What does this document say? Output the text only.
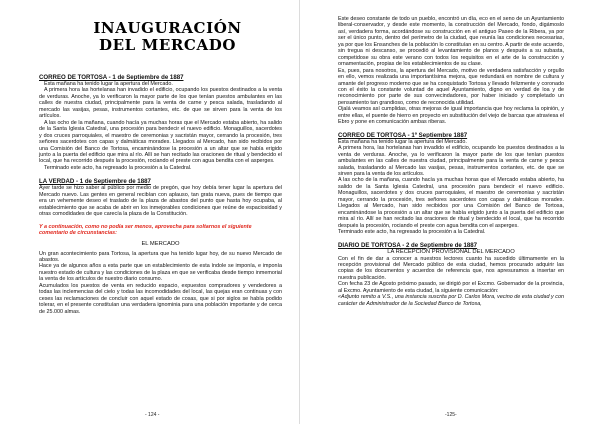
INAUGURACIÓN
DEL MERCADO

CORREO DE TORTOSA - 1 de Septiembre de 1887

Esta mañana ha tenido lugar la apertura del Mercado.

A primera hora las hortelanas han invadido el edificio, ocupando los puestos destinados a la venta de verduras. Anoche, ya lo verificaron la mayor parte de los que tenían puestos ambulantes en las calles de nuestra ciudad, principalmente para la venta de carne y pesca salada, trasladando al mercado las vasijas, pesas, instrumentos cortantes, etc. de que se sirven para la venta de los artículos.

A las ocho de la mañana, cuando hacía ya muchas horas que el Mercado estaba abierto, ha salido de la Santa Iglesia Catedral, una procesión para bendecir el nuevo edificio. Monaguillos, sacerdotes y dos cruces parroquiales, el maestro de ceremonias y sacristán mayor, cerrando la procesión, tres señores sacerdotes con capas y dalmáticas morades. Llegados al Mercado, han sido recibidos por una Comisión del Banco de Tortosa, encaminándose la procesión a un altar que se había erigido junto a la puerta del edificio que mira al río. Allí se han recitado las oraciones de ritual y bendecido el local, que ha recorrido después la procesión, rociando el preste con agua bendita con el asperges.

Terminado este acto, ha regresado la procesión a la Catedral.

LA VERDAD - 1 de Septiembre de 1887

Ayer tarde se hizo saber al público por medio de pregón, que hoy debía tener lugar la apertura del Mercado nuevo. Las gentes en general recibían con aplauso, tan grata nueva, pues de tiempo que era un vehemente deseo el traslado de la plaza de abastos del punto que hasta hoy ocupaba, al establecimiento que se acaba de abrir en los inmejorables condiciones que reúne de espaciosidad y otras comodidades de que carecía la plaza de la Constitución.

Y a continuación, como no podía ser menos, aprovecha para soltarnos el siguiente comentario de circunstancias:

EL MERCADO

Un gran acontecimiento para Tortosa, la apertura que ha tenido lugar hoy, de su nuevo Mercado de abastos.

Hace ya de algunos años a esta parte que un establecimiento de esta índole se imponía, e imponía nuestro estado de cultura y las condiciones de la plaza en que se verificaba desde tiempo inmemorial la venta de los artículos de nuestro diario consumo.

Acumulados los puestos de venta en reducido espacio, expuestos compradores y vendedores a todas las inclemencias del cielo y todas las incomodidades del local, las quejas eran continuas y con ceses las reclamaciones de concluir con aquel estado de cosas, que si por siglos se había podido tolerar, en el presente constituían una verdadera ignominia para una población importante y de cerca de 25.000 almas.

- 124 -

Este deseo constante de todo un pueblo, encontró un día, eco en el seno de un Ayuntamiento liberal-conservador, y desde este momento, la construcción del Mercado, fondo, digámoslo así, verdadera forma, acordándose su construcción en el antiguo Paseo de la Ribera, ya por ser el único punto, dentro del perímetro de la ciudad, que reunía las condiciones necesarias, ya por que los Ensanches de la población lo constituían en su centro. A partir de este acuerdo, sin tregua ni descanso, se procedió al levantamiento de planos y después a su subasta, competidose su obra este verano con todos los requisitos en el arte de la construcción y ornamentación, propias de los establecimientos de su clase.

Es, pues, para nosotros, la apertura del Mercado, motivo de verdadera satisfacción y orgullo en ello, vemos realizada una importantísima mejora, que redundará en nombre de cultura y amante del progreso moderno que se ha conquistado Tortosa y llevado felizmente y coronado con el éxito la constante voluntad de aquel Ayuntamiento, digno en verdad de loa y de reconocimiento por parte de sus convecindadores, por haber iniciado y completado un pensamiento tan grandioso, como de reconocida utilidad.

Ojalá veamos así cumplidas, otras mejoras de igual importancia que hoy reclama la opinión, y entre ellas, el puente de hierro en proyecto en substitución del viejo de barcas que atraviesa el Ebro y pone en comunicación ambas riberas.

CORREO DE TORTOSA - 1º Septiembre 1887

Esta mañana ha tenido lugar la apertura del Mercado.

A primera hora, las hortelanas han invadido el edificio, ocupando los puestos destinados a la venta de verduras. Anoche, ya lo verificaron la mayor parte de los que tenían puestos ambulantes en las calles de nuestra ciudad, principalmente para la venta de carne y pesca salada, trasladando al Mercado las vasijas, pesas, instrumentos cortantes, etc. de que se sirven para la venta de los artículos.

A las ocho de la mañana, cuando hacía ya muchas horas que el Mercado estaba abierto, ha salido de la Santa Iglesia Catedral, una procesión para bendecir el nuevo edificio. Monaguillos, sacerdotes y dos cruces parroquiales, el maestro de ceremonias y sacristán mayor, cerrando la procesión, tres señores sacerdotes con capas y dalmáticas morades. Llegados al Mercado, han sido recibidos por una Comisión del Banco de Tortosa, encaminándose la procesión a un altar que se había erigido junto a la puerta del edificio que mira al río. Allí se han recitado las oraciones de ritual y bendecido el local, que ha recorrido después la procesión, rociando el preste con agua bendita con el asperges.

Terminado este acto, ha regresado la procesión a la Catedral.

DIARIO DE TORTOSA - 2 de Septiembre de 1887

LA RECEPCIÓN PROVISIONAL DEL MERCADO

Con el fin de dar a conocer a nuestros lectores cuanto ha sucedido últimamente en la recepción provisional del Mercado público de esta ciudad, hemos procurado adquirir las copias de los documentos y acuerdos de referencia que, nos apresuramos a insertar en nuestra publicación.

Con fecha 23 de Agosto próximo pasado, se dirigió por el Excmo. Gobernador de la provincia, al Excmo. Ayuntamiento de esta ciudad, la siguiente comunicación:

«Adjunto remito a V.S., una instancia suscrita por D. Carlos Mora, vecino de esta ciudad y con carácter de Administrador de la Sociedad Banco de Tortosa,

-125-
